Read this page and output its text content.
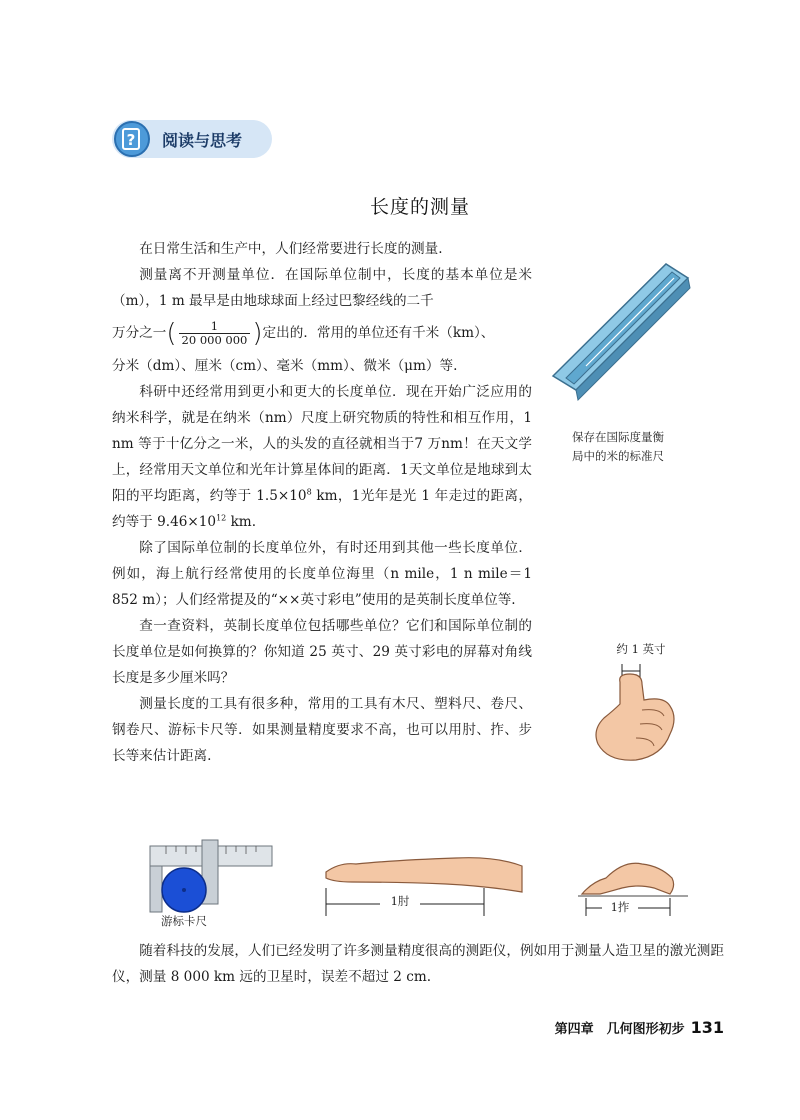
? 阅读与思考
长度的测量

在日常生活和生产中，人们经常要进行长度的测量.

测量离不开测量单位．在国际单位制中，长度的基本单位是米（m），1 m 最早是由地球球面上经过巴黎经线的二千

万分之一( $\frac{1}{20 000 000}$ )定出的．常用的单位还有千米（km）、
分米（dm）、厘米（cm）、毫米（mm）、微米（μm）等.

科研中还经常用到更小和更大的长度单位．现在开始广泛应用的纳米科学，就是在纳米（nm）尺度上研究物质的特性和相互作用，1 nm 等于十亿分之一米，人的头发的直径就相当于7 万nm！在天文学上，经常用天文单位和光年计算星体间的距离．1天文单位是地球到太阳的平均距离，约等于 $1.5\times 10^8$ km，1光年是光 1 年走过的距离，约等于 $9.46\times 10^{12}$ km.

除了国际单位制的长度单位外，有时还用到其他一些长度单位．例如，海上航行经常使用的长度单位海里（n mile，1 n mile＝1 852 m）；人们经常提及的“××英寸彩电”使用的是英制长度单位等.

查一查资料，英制长度单位包括哪些单位？它们和国际单位制的长度单位是如何换算的？你知道 25 英寸、29 英寸彩电的屏幕对角线长度是多少厘米吗？

测量长度的工具有很多种，常用的工具有木尺、塑料尺、卷尺、钢卷尺、游标卡尺等．如果测量精度要求不高，也可以用肘、拃、步长等来估计距离.

保存在国际度量衡
局中的米的标准尺
约 1 英寸
游标卡尺
1肘	1拃

随着科技的发展，人们已经发明了许多测量精度很高的测距仪，例如用于测量人造卫星的激光测距仪，测量 8 000 km 远的卫星时，误差不超过 2 cm.

第四章　几何图形初步 131
